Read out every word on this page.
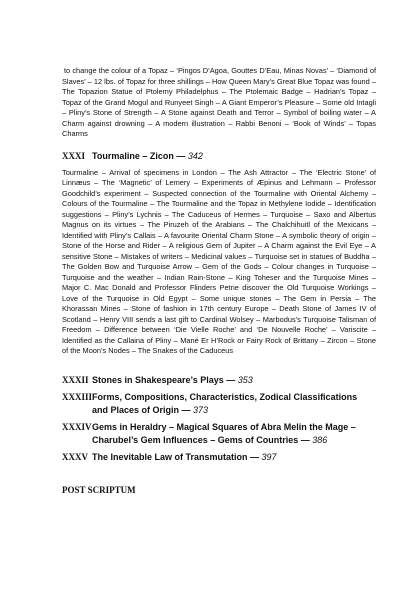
to change the colour of a Topaz – ‘Pingos D’Agoa, Gouttes D’Eau, Minas Novas’ – ‘Diamond of Slaves’ – 12 lbs. of Topaz for three shillings – How Queen Mary’s Great Blue Topaz was found – The Topazion Statue of Ptolemy Philadelphus – The Ptolemaic Badge – Hadrian’s Topaz – Topaz of the Grand Mogul and Runyeet Singh – A Giant Emperor’s Pleasure – Some old Intagli – Pliny’s Stone of Strength – A Stone against Death and Terror – Symbol of boiling water – A Charm against drowning – A modern illustration – Rabbi Benoni – ‘Book of Winds’ – Topas Charms

XXXI Tourmaline – Zicon — 342

Tourmaline – Arrival of specimens in London – The Ash Attractor – The ‘Electric Stone’ of Linnæus – The ‘Magnetic’ of Lemery – Experiments of Æpinus and Lehmann – Professor Goodchild’s experiment – Suspected connection of the Tourmaline with Oriental Alchemy – Colours of the Tourmaline – The Tourmaline and the Topaz in Methylene Iodide – Identification suggestions – Pliny’s Lychnis – The Caduceus of Hermes – Turquoise – Saxo and Albertus Magnus on its virtues – The Piruzeh of the Arabians – The Chalchihuitl of the Mexicans – Identified with Pliny’s Callais – A favourite Oriental Charm Stone – A symbolic theory of origin – Stone of the Horse and Rider – A religious Gem of Jupiter – A Charm against the Evil Eye – A sensitive Stone – Mistakes of writers – Medicinal values – Turquoise set in statues of Buddha – The Golden Bow and Turquoise Arrow – Gem of the Gods – Colour changes in Turquoise – Turquoise and the weather – Indian Rain-Stone – King Toheser and the Turquoise Mines – Major C. Mac Donald and Professor Flinders Petrie discover the Old Turquoise Workings – Love of the Turquoise in Old Egypt – Some unique stones – The Gem in Persia – The Khorassan Mines – Stone of fashion in 17th century Europe – Death Stone of James IV of Scotland – Henry VIII sends a last gift to Cardinal Wolsey – Marbodus’s Turquoise Talisman of Freedom – Difference between ‘Die Vielle Roche’ and ‘De Nouvelle Roche’ – Variscite – Identified as the Callaina of Pliny – Mané Er H’Rock or Fairy Rock of Brittany – Zircon – Stone of the Moon’s Nodes – The Snakes of the Caduceus

XXXII Stones in Shakespeare’s Plays — 353
XXXIII Forms, Compositions, Characteristics, Zodical Classifications
and Places of Origin — 373
XXXIV Gems in Heraldry – Magical Squares of Abra Melin the Mage –
Charubel’s Gem Influences – Gems of Countries — 386
XXXV The Inevitable Law of Transmutation — 397
POST SCRIPTUM
